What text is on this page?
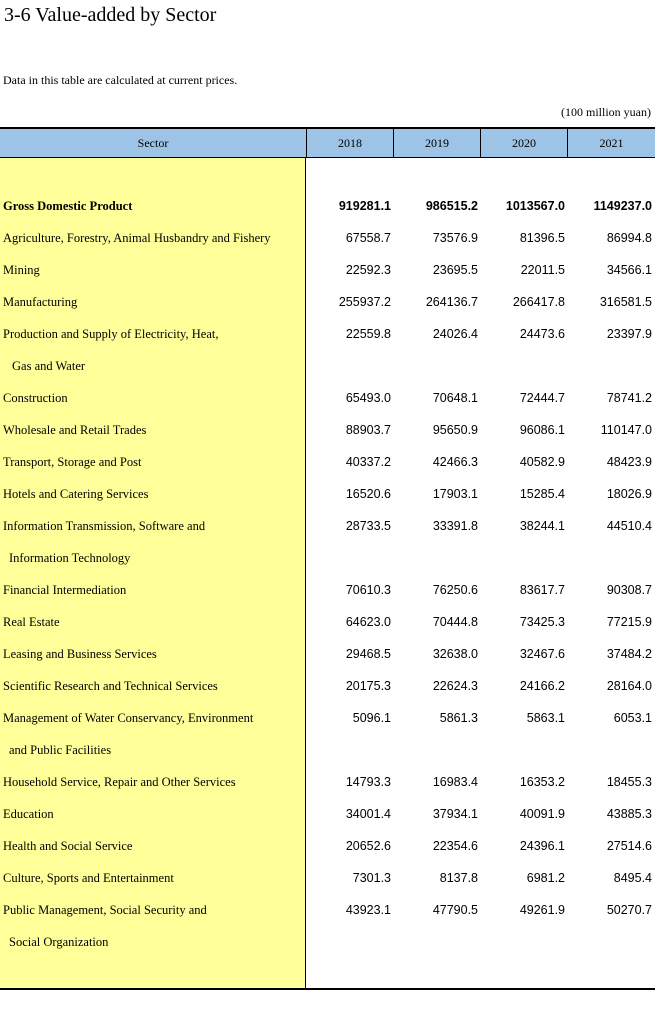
3-6 Value-added by Sector
Data in this table are calculated at current prices.
(100 million yuan)
Sector	2018	2019	2020	2021
Gross Domestic Product	919281.1	986515.2 1013567.0 1149237.0
Agriculture, Forestry, Animal Husbandry and Fishery	67558.7	73576.9	81396.5	86994.8
Mining	22592.3	23695.5	22011.5	34566.1
Manufacturing	255937.2	264136.7	266417.8	316581.5
Production and Supply of Electricity, Heat,	22559.8	24026.4	24473.6	23397.9
Gas and Water
Construction	65493.0	70648.1	72444.7	78741.2
Wholesale and Retail Trades	88903.7	95650.9	96086.1	110147.0
Transport, Storage and Post	40337.2	42466.3	40582.9	48423.9
Hotels and Catering Services	16520.6	17903.1	15285.4	18026.9
Information Transmission, Software and	28733.5	33391.8	38244.1	44510.4
Information Technology
Financial Intermediation	70610.3	76250.6	83617.7	90308.7
Real Estate	64623.0	70444.8	73425.3	77215.9
Leasing and Business Services	29468.5	32638.0	32467.6	37484.2
Scientific Research and Technical Services	20175.3	22624.3	24166.2	28164.0
Management of Water Conservancy, Environment	5096.1	5861.3	5863.1	6053.1
and Public Facilities
Household Service, Repair and Other Services	14793.3	16983.4	16353.2	18455.3
Education	34001.4	37934.1	40091.9	43885.3
Health and Social Service	20652.6	22354.6	24396.1	27514.6
Culture, Sports and Entertainment	7301.3	8137.8	6981.2	8495.4
Public Management, Social Security and	43923.1	47790.5	49261.9	50270.7
Social Organization
